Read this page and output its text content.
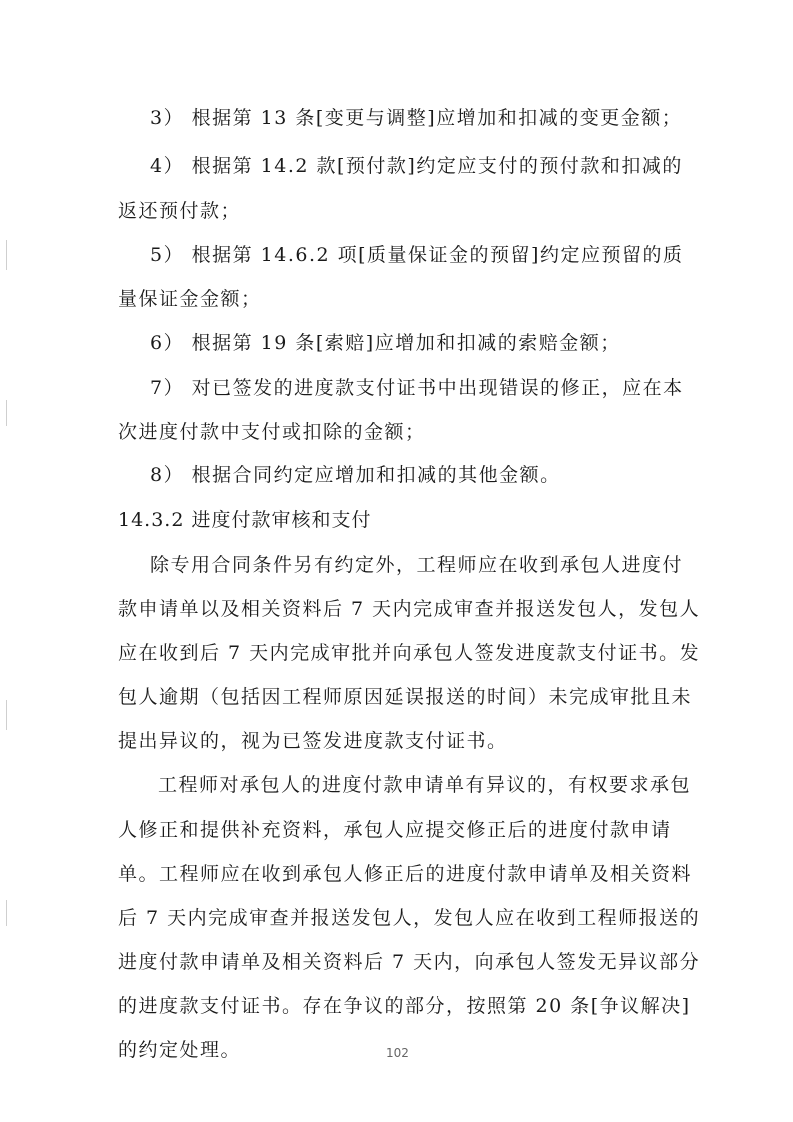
3） 根据第 13 条[变更与调整]应增加和扣减的变更金额；
4） 根据第 14.2 款[预付款]约定应支付的预付款和扣减的
返还预付款；
5） 根据第 14.6.2 项[质量保证金的预留]约定应预留的质
量保证金金额；
6） 根据第 19 条[索赔]应增加和扣减的索赔金额；
7） 对已签发的进度款支付证书中出现错误的修正，应在本
次进度付款中支付或扣除的金额；
8） 根据合同约定应增加和扣减的其他金额。
14.3.2 进度付款审核和支付
除专用合同条件另有约定外，工程师应在收到承包人进度付
款申请单以及相关资料后 7 天内完成审查并报送发包人，发包人
应在收到后 7 天内完成审批并向承包人签发进度款支付证书。发
包人逾期（包括因工程师原因延误报送的时间）未完成审批且未
提出异议的，视为已签发进度款支付证书。
工程师对承包人的进度付款申请单有异议的，有权要求承包
人修正和提供补充资料，承包人应提交修正后的进度付款申请
单。工程师应在收到承包人修正后的进度付款申请单及相关资料
后 7 天内完成审查并报送发包人，发包人应在收到工程师报送的
进度付款申请单及相关资料后 7 天内，向承包人签发无异议部分
的进度款支付证书。存在争议的部分，按照第 20 条[争议解决]
的约定处理。	102
